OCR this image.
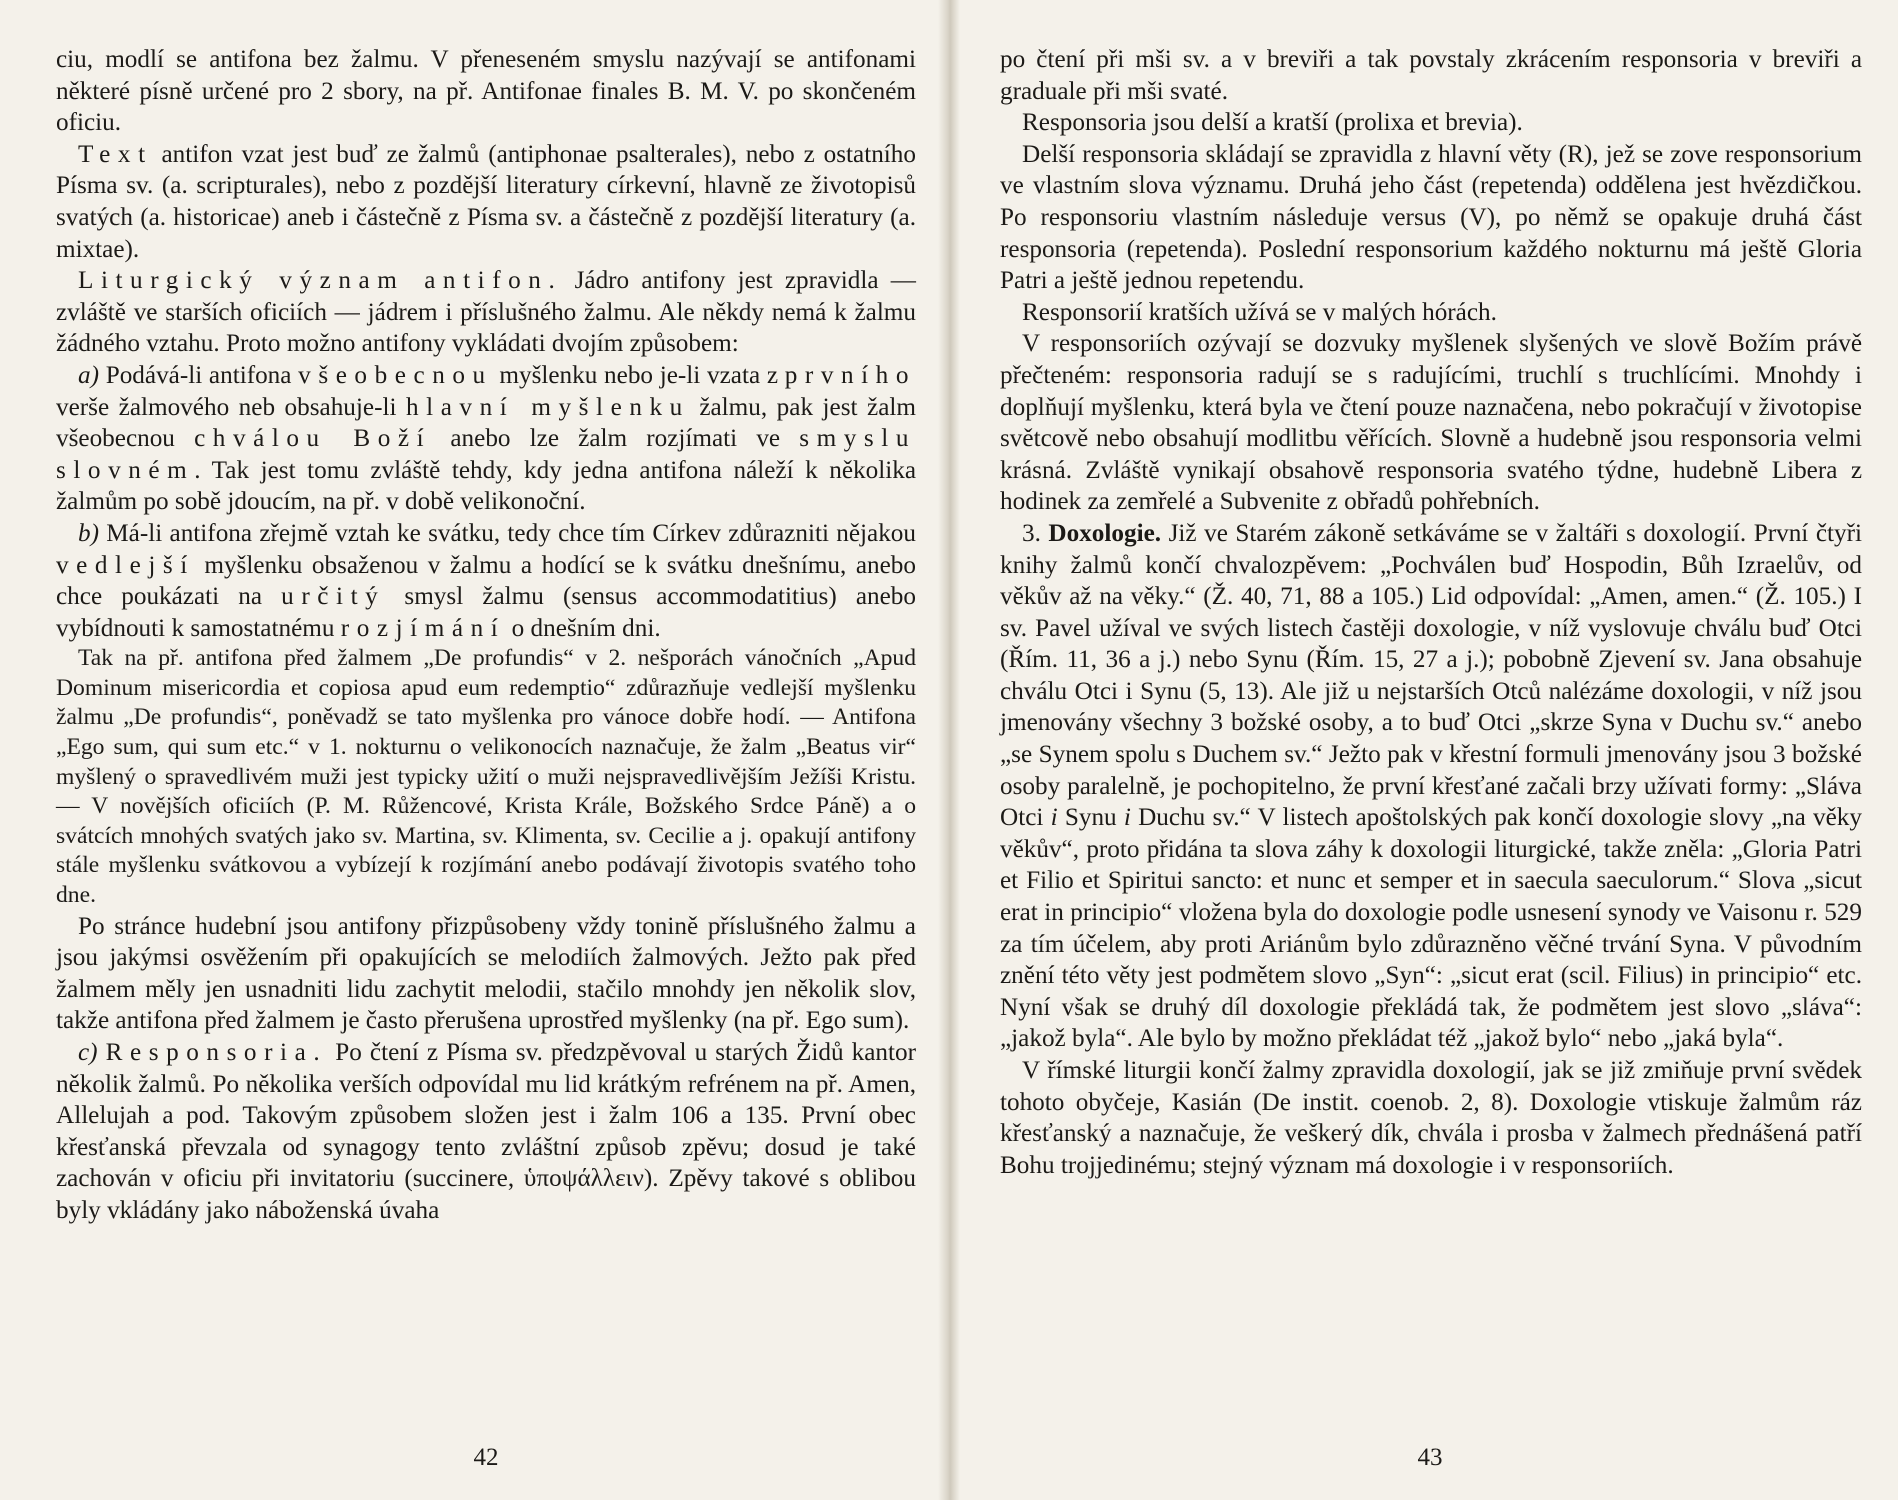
ciu, modlí se antifona bez žalmu. V přeneseném smyslu nazývají se antifonami některé písně určené pro 2 sbory, na př. Antifonae finales B. M. V. po skončeném oficiu.

Text antifon vzat jest buď ze žalmů (antiphonae psalterales), nebo z ostatního Písma sv. (a. scripturales), nebo z pozdější literatury církevní, hlavně ze životopisů svatých (a. historicae) aneb i částečně z Písma sv. a částečně z pozdější literatury (a. mixtae).

Liturgický význam antifon. Jádro antifony jest zpravidla — zvláště ve starších oficiích — jádrem i příslušného žalmu. Ale někdy nemá k žalmu žádného vztahu. Proto možno antifony vykládati dvojím způsobem:

a) Podává-li antifona všeobecnou myšlenku nebo je-li vzata z prvního verše žalmového neb obsahuje-li hlavní myšlenku žalmu, pak jest žalm všeobecnou chválou Boží anebo lze žalm rozjímati ve smyslu slovném. Tak jest tomu zvláště tehdy, kdy jedna antifona náleží k několika žalmům po sobě jdoucím, na př. v době velikonoční.

b) Má-li antifona zřejmě vztah ke svátku, tedy chce tím Církev zdůrazniti nějakou vedlejší myšlenku obsaženou v žalmu a hodící se k svátku dnešnímu, anebo chce poukázati na určitý smysl žalmu (sensus accommodatitius) anebo vybídnouti k samostatnému rozjímání o dnešním dni.

Tak na př. antifona před žalmem „De profundis“ v 2. nešporách vánočních „Apud Dominum misericordia et copiosa apud eum redemptio“ zdůrazňuje vedlejší myšlenku žalmu „De profundis“, poněvadž se tato myšlenka pro vánoce dobře hodí. — Antifona „Ego sum, qui sum etc.“ v 1. nokturnu o velikonocích naznačuje, že žalm „Beatus vir“ myšlený o spravedlivém muži jest typicky užití o muži nejspravedlivějším Ježíši Kristu. — V novějších oficiích (P. M. Růžencové, Krista Krále, Božského Srdce Páně) a o svátcích mnohých svatých jako sv. Martina, sv. Klimenta, sv. Cecilie a j. opakují antifony stále myšlenku svátkovou a vybízejí k rozjímání anebo podávají životopis svatého toho dne.

Po stránce hudební jsou antifony přizpůsobeny vždy tonině příslušného žalmu a jsou jakýmsi osvěžením při opakujících se melodiích žalmových. Ježto pak před žalmem měly jen usnadniti lidu zachytit melodii, stačilo mnohdy jen několik slov, takže antifona před žalmem je často přerušena uprostřed myšlenky (na př. Ego sum).

c) Responsoria. Po čtení z Písma sv. předzpěvoval u starých Židů kantor několik žalmů. Po několika verších odpovídal mu lid krátkým refrénem na př. Amen, Allelujah a pod. Takovým způsobem složen jest i žalm 106 a 135. První obec křesťanská převzala od synagogy tento zvláštní způsob zpěvu; dosud je také zachován v oficiu při invitatoriu (succinere, ὑποψάλλειν). Zpěvy takové s oblibou byly vkládány jako náboženská úvaha

42

po čtení při mši sv. a v breviři a tak povstaly zkrácením responsoria v breviři a graduale při mši svaté.

Responsoria jsou delší a kratší (prolixa et brevia).

Delší responsoria skládají se zpravidla z hlavní věty (R), jež se zove responsorium ve vlastním slova významu. Druhá jeho část (repetenda) oddělena jest hvězdičkou. Po responsoriu vlastním následuje versus (V), po němž se opakuje druhá část responsoria (repetenda). Poslední responsorium každého nokturnu má ještě Gloria Patri a ještě jednou repetendu.

Responsorií kratších užívá se v malých hórách.

V responsoriích ozývají se dozvuky myšlenek slyšených ve slově Božím právě přečteném: responsoria radují se s radujícími, truchlí s truchlícími. Mnohdy i doplňují myšlenku, která byla ve čtení pouze naznačena, nebo pokračují v životopise světcově nebo obsahují modlitbu věřících. Slovně a hudebně jsou responsoria velmi krásná. Zvláště vynikají obsahově responsoria svatého týdne, hudebně Libera z hodinek za zemřelé a Subvenite z obřadů pohřebních.

3. Doxologie. Již ve Starém zákoně setkáváme se v žaltáři s doxologií. První čtyři knihy žalmů končí chvalozpěvem: „Pochválen buď Hospodin, Bůh Izraelův, od věkův až na věky.“ (Ž. 40, 71, 88 a 105.) Lid odpovídal: „Amen, amen.“ (Ž. 105.) I sv. Pavel užíval ve svých listech častěji doxologie, v níž vyslovuje chválu buď Otci (Řím. 11, 36 a j.) nebo Synu (Řím. 15, 27 a j.); pobobně Zjevení sv. Jana obsahuje chválu Otci i Synu (5, 13). Ale již u nejstarších Otců nalézáme doxologii, v níž jsou jmenovány všechny 3 božské osoby, a to buď Otci „skrze Syna v Duchu sv.“ anebo „se Synem spolu s Duchem sv.“ Ježto pak v křestní formuli jmenovány jsou 3 božské osoby paralelně, je pochopitelno, že první křesťané začali brzy užívati formy: „Sláva Otci i Synu i Duchu sv.“ V listech apoštolských pak končí doxologie slovy „na věky věkův“, proto přidána ta slova záhy k doxologii liturgické, takže zněla: „Gloria Patri et Filio et Spiritui sancto: et nunc et semper et in saecula saeculorum.“ Slova „sicut erat in principio“ vložena byla do doxologie podle usnesení synody ve Vaisonu r. 529 za tím účelem, aby proti Ariánům bylo zdůrazněno věčné trvání Syna. V původním znění této věty jest podmětem slovo „Syn“: „sicut erat (scil. Filius) in principio“ etc. Nyní však se druhý díl doxologie překládá tak, že podmětem jest slovo „sláva“: „jakož byla“. Ale bylo by možno překládat též „jakož bylo“ nebo „jaká byla“.

V římské liturgii končí žalmy zpravidla doxologií, jak se již zmiňuje první svědek tohoto obyčeje, Kasián (De instit. coenob. 2, 8). Doxologie vtiskuje žalmům ráz křesťanský a naznačuje, že veškerý dík, chvála i prosba v žalmech přednášená patří Bohu trojjedinému; stejný význam má doxologie i v responsoriích.

43
